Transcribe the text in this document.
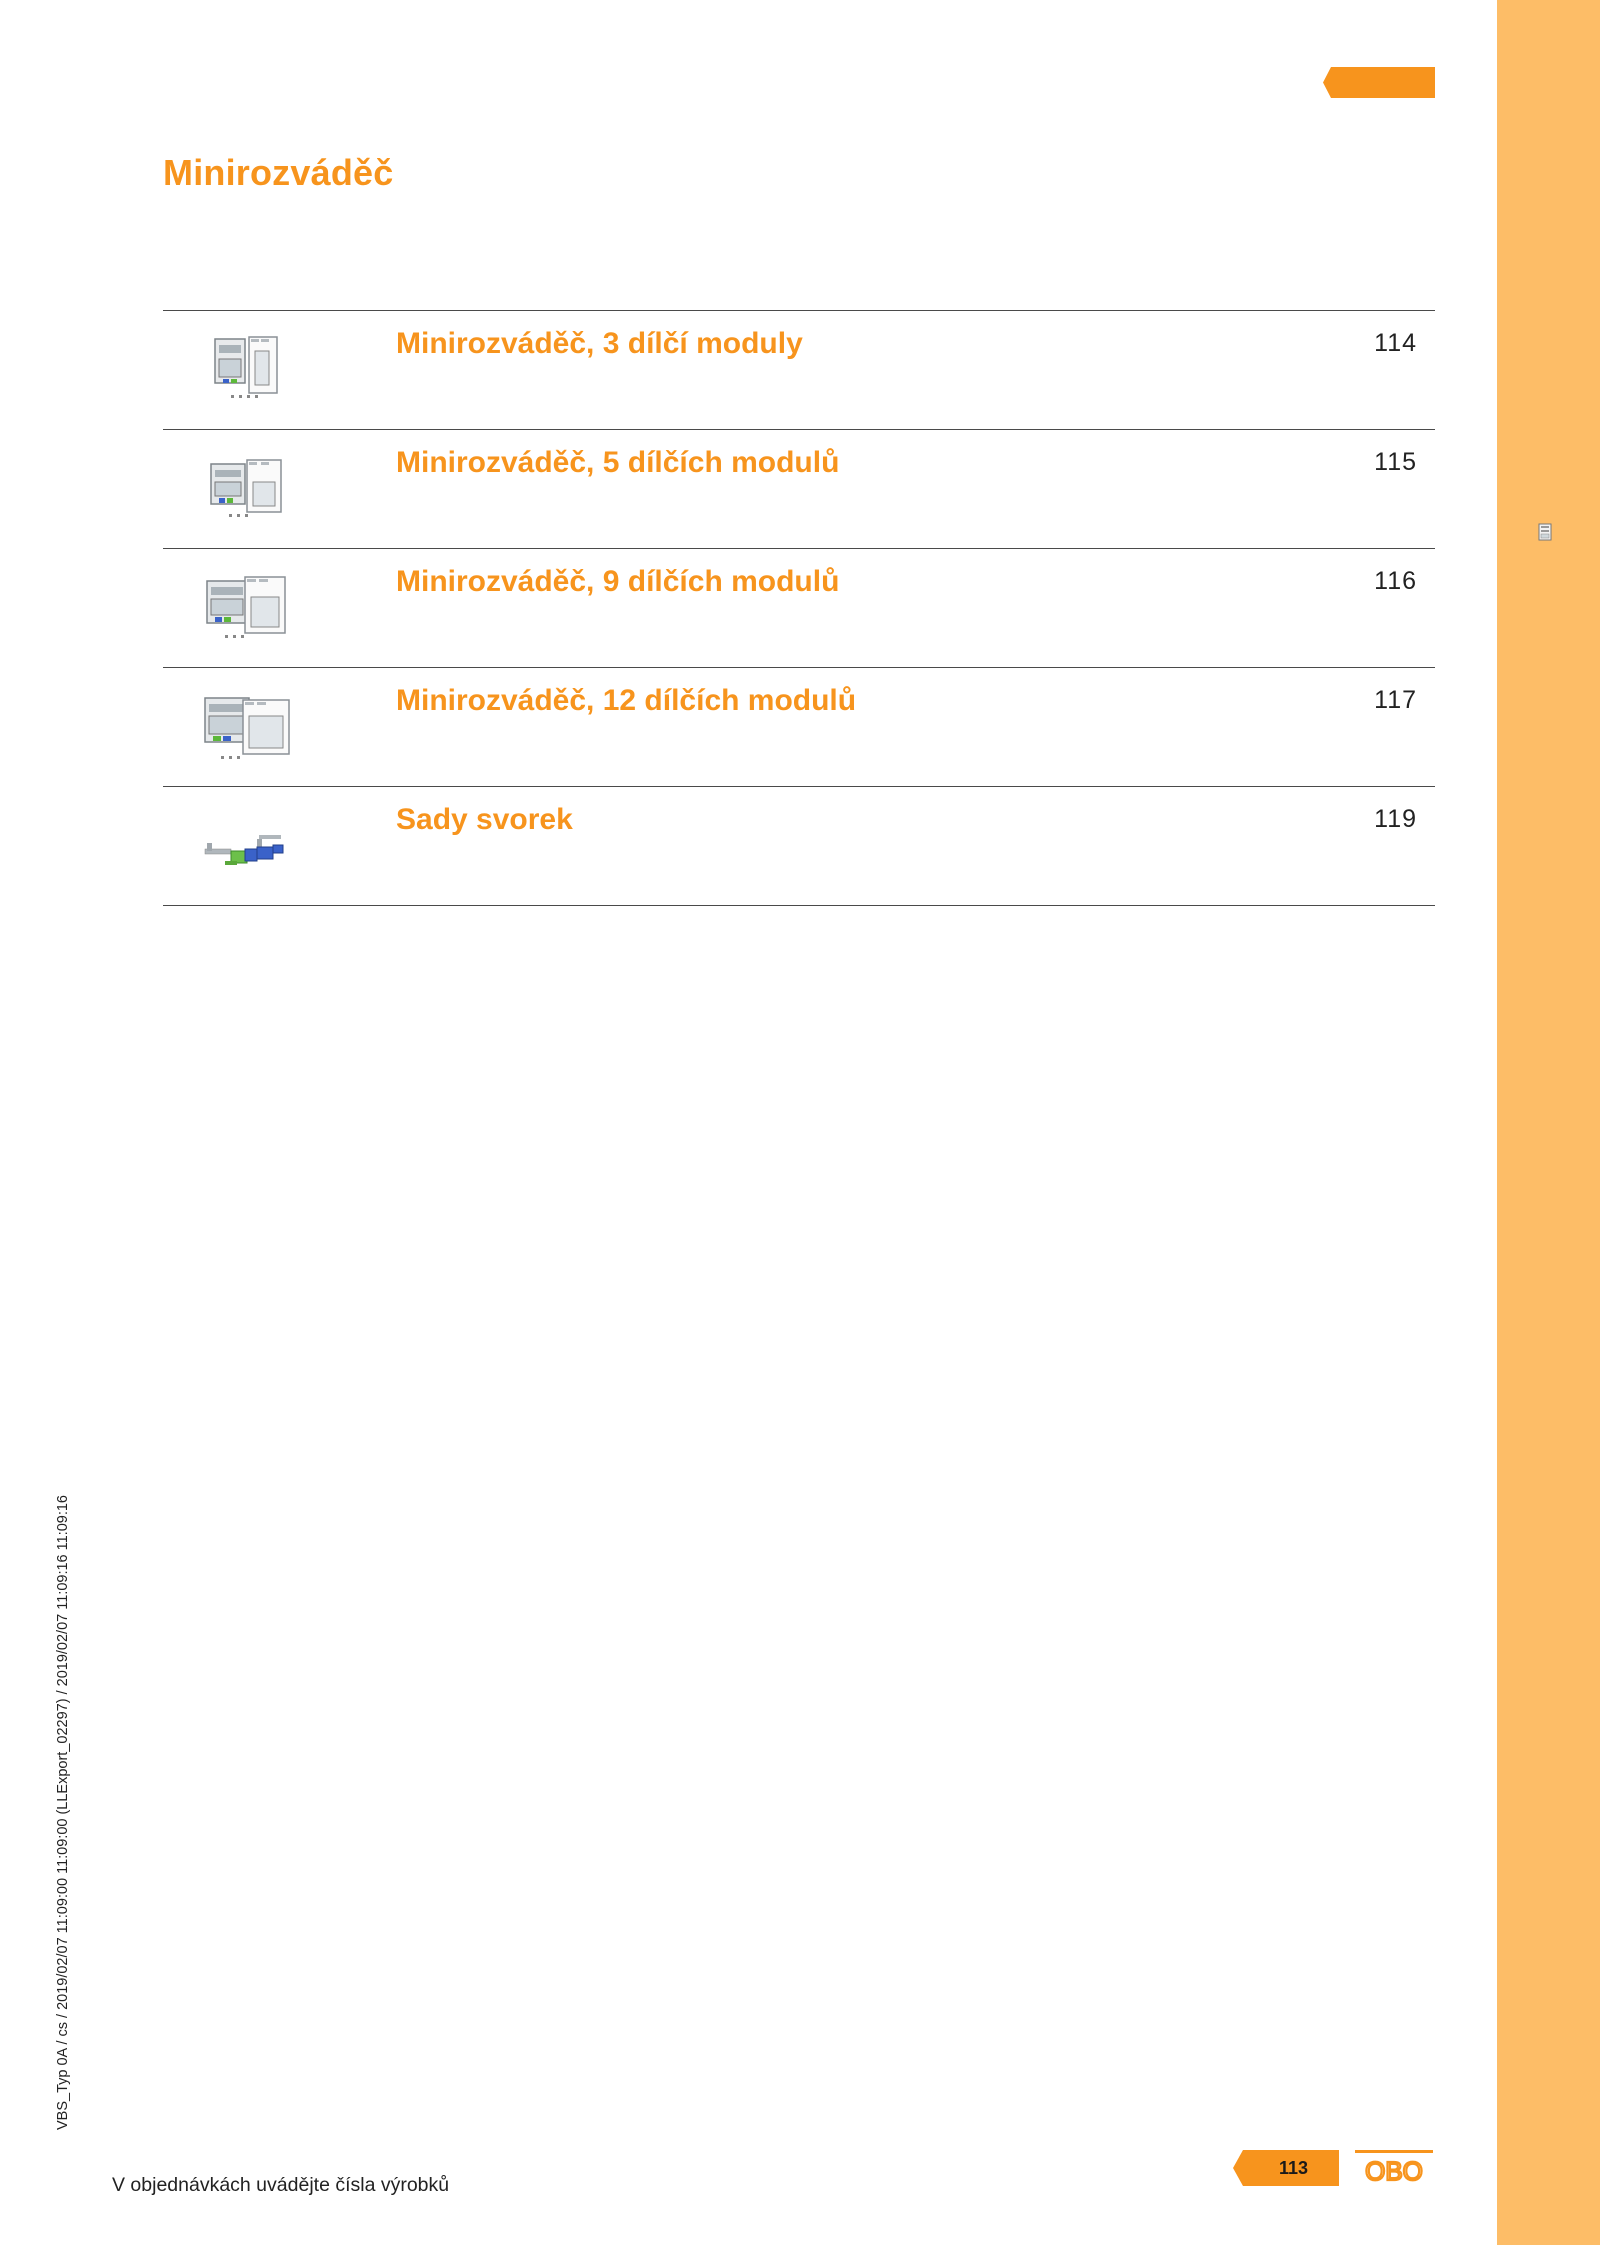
Minirozváděč
Minirozváděč, 3 dílčí moduly	114
Minirozváděč, 5 dílčích modulů	115
Minirozváděč, 9 dílčích modulů	116
Minirozváděč, 12 dílčích modulů	117
Sady svorek	119
VBS_Typ 0A / cs / 2019/02/07 11:09:00 11:09:00 (LLExport_02297) / 2019/02/07 11:09:16 11:09:16
V objednávkách uvádějte čísla výrobků
113	OBO
